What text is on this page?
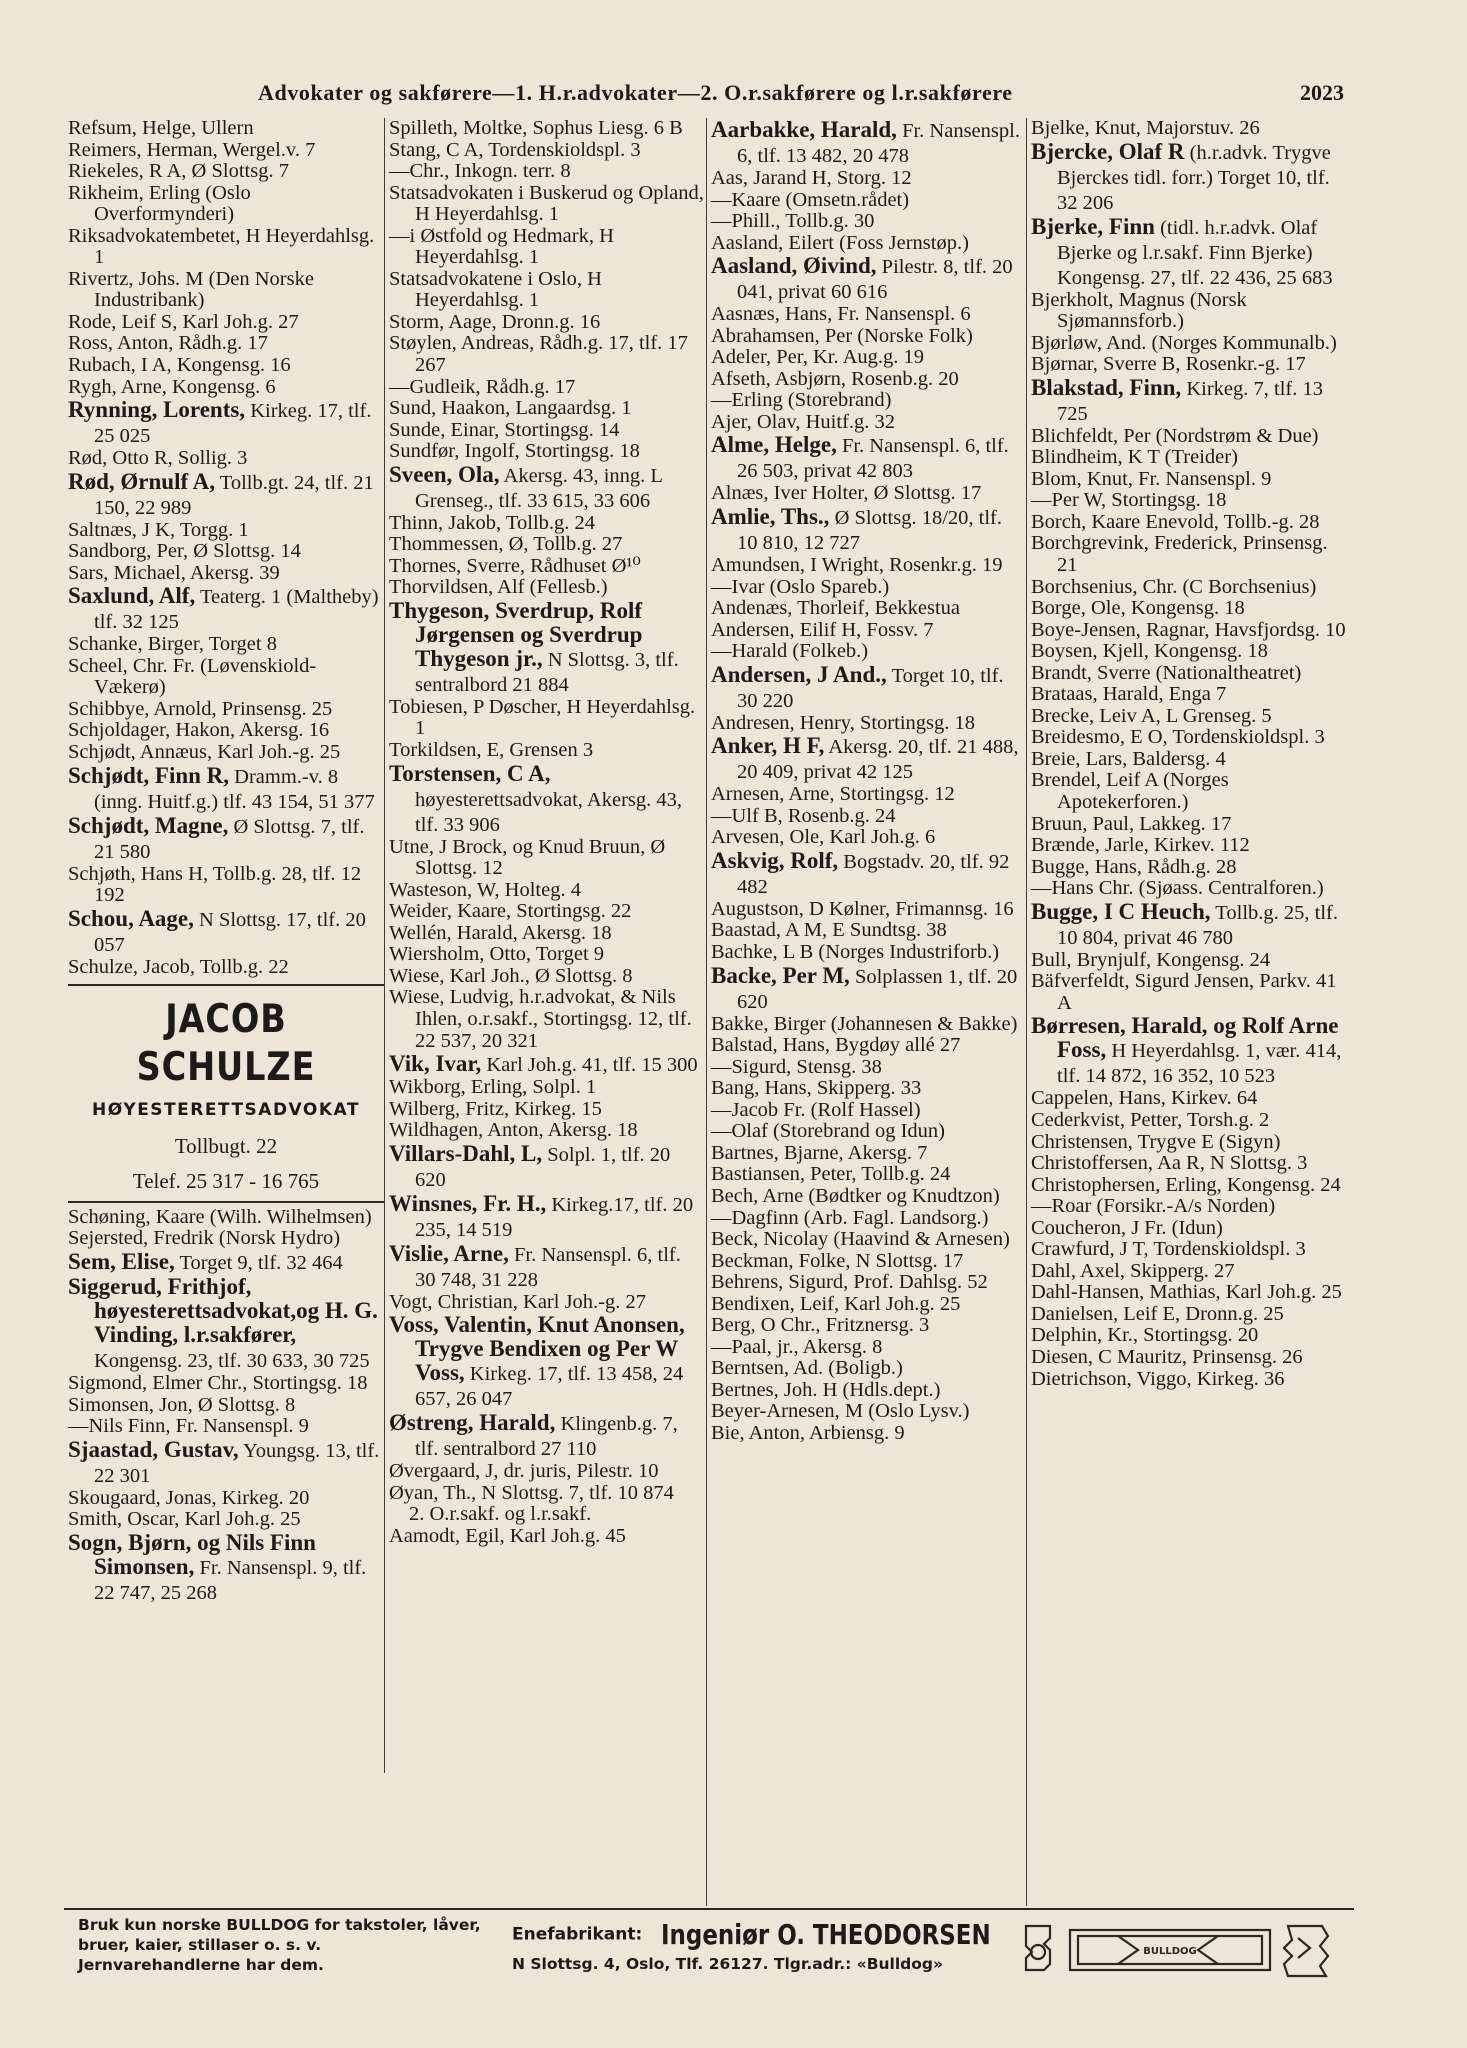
Advokater og sakførere—1. H.r.advokater—2. O.r.sakførere og l.r.sakførere	2023

Refsum, Helge, Ullern

Reimers, Herman, Wergel.v. 7

Riekeles, R A, Ø Slottsg. 7

Rikheim, Erling (Oslo Overformynderi)

Riksadvokatembetet, H Heyerdahlsg. 1

Rivertz, Johs. M (Den Norske Industribank)

Rode, Leif S, Karl Joh.g. 27

Ross, Anton, Rådh.g. 17

Rubach, I A, Kongensg. 16

Rygh, Arne, Kongensg. 6

Rynning, Lorents, Kirkeg. 17, tlf. 25 025

Rød, Otto R, Sollig. 3

Rød, Ørnulf A, Tollb.gt. 24, tlf. 21 150, 22 989

Saltnæs, J K, Torgg. 1

Sandborg, Per, Ø Slottsg. 14

Sars, Michael, Akersg. 39

Saxlund, Alf, Teaterg. 1 (Maltheby) tlf. 32 125

Schanke, Birger, Torget 8

Scheel, Chr. Fr. (Løvenskiold-Vækerø)

Schibbye, Arnold, Prinsensg. 25

Schjoldager, Hakon, Akersg. 16

Schjødt, Annæus, Karl Joh.-g. 25

Schjødt, Finn R, Dramm.-v. 8 (inng. Huitf.g.) tlf. 43 154, 51 377

Schjødt, Magne, Ø Slottsg. 7, tlf. 21 580

Schjøth, Hans H, Tollb.g. 28, tlf. 12 192

Schou, Aage, N Slottsg. 17, tlf. 20 057

Schulze, Jacob, Tollb.g. 22

JACOB SCHULZE
HØYESTERETTSADVOKAT
Tollbugt. 22
Telef. 25 317 - 16 765

Schøning, Kaare (Wilh. Wilhelmsen)

Sejersted, Fredrik (Norsk Hydro)

Sem, Elise, Torget 9, tlf. 32 464

Siggerud, Frithjof, høyesterettsadvokat,og H. G. Vinding, l.r.sakfører, Kongensg. 23, tlf. 30 633, 30 725

Sigmond, Elmer Chr., Stortingsg. 18

Simonsen, Jon, Ø Slottsg. 8

—Nils Finn, Fr. Nansenspl. 9

Sjaastad, Gustav, Youngsg. 13, tlf. 22 301

Skougaard, Jonas, Kirkeg. 20

Smith, Oscar, Karl Joh.g. 25

Sogn, Bjørn, og Nils Finn Simonsen, Fr. Nansenspl. 9, tlf. 22 747, 25 268

Spilleth, Moltke, Sophus Liesg. 6 B

Stang, C A, Tordenskioldspl. 3

—Chr., Inkogn. terr. 8

Statsadvokaten i Buskerud og Opland, H Heyerdahlsg. 1

—i Østfold og Hedmark, H Heyerdahlsg. 1

Statsadvokatene i Oslo, H Heyerdahlsg. 1

Storm, Aage, Dronn.g. 16

Støylen, Andreas, Rådh.g. 17, tlf. 17 267

—Gudleik, Rådh.g. 17

Sund, Haakon, Langaardsg. 1

Sunde, Einar, Stortingsg. 14

Sundfør, Ingolf, Stortingsg. 18

Sveen, Ola, Akersg. 43, inng. L Grenseg., tlf. 33 615, 33 606

Thinn, Jakob, Tollb.g. 24

Thommessen, Ø, Tollb.g. 27

Thornes, Sverre, Rådhuset Ø¹⁰

Thorvildsen, Alf (Fellesb.)

Thygeson, Sverdrup, Rolf Jørgensen og Sverdrup Thygeson jr., N Slottsg. 3, tlf. sentralbord 21 884

Tobiesen, P Døscher, H Heyerdahlsg. 1

Torkildsen, E, Grensen 3

Torstensen, C A, høyesterettsadvokat, Akersg. 43, tlf. 33 906

Utne, J Brock, og Knud Bruun, Ø Slottsg. 12

Wasteson, W, Holteg. 4

Weider, Kaare, Stortingsg. 22

Wellén, Harald, Akersg. 18

Wiersholm, Otto, Torget 9

Wiese, Karl Joh., Ø Slottsg. 8

Wiese, Ludvig, h.r.advokat, & Nils Ihlen, o.r.sakf., Stortingsg. 12, tlf. 22 537, 20 321

Vik, Ivar, Karl Joh.g. 41, tlf. 15 300

Wikborg, Erling, Solpl. 1

Wilberg, Fritz, Kirkeg. 15

Wildhagen, Anton, Akersg. 18

Villars-Dahl, L, Solpl. 1, tlf. 20 620

Winsnes, Fr. H., Kirkeg.17, tlf. 20 235, 14 519

Vislie, Arne, Fr. Nansenspl. 6, tlf. 30 748, 31 228

Vogt, Christian, Karl Joh.-g. 27

Voss, Valentin, Knut Anonsen, Trygve Bendixen og Per W Voss, Kirkeg. 17, tlf. 13 458, 24 657, 26 047

Østreng, Harald, Klingenb.g. 7, tlf. sentralbord 27 110

Øvergaard, J, dr. juris, Pilestr. 10

Øyan, Th., N Slottsg. 7, tlf. 10 874

2. O.r.sakf. og l.r.sakf.

Aamodt, Egil, Karl Joh.g. 45

Aarbakke, Harald, Fr. Nansenspl. 6, tlf. 13 482, 20 478

Aas, Jarand H, Storg. 12

—Kaare (Omsetn.rådet)

—Phill., Tollb.g. 30

Aasland, Eilert (Foss Jernstøp.)

Aasland, Øivind, Pilestr. 8, tlf. 20 041, privat 60 616

Aasnæs, Hans, Fr. Nansenspl. 6

Abrahamsen, Per (Norske Folk)

Adeler, Per, Kr. Aug.g. 19

Afseth, Asbjørn, Rosenb.g. 20

—Erling (Storebrand)

Ajer, Olav, Huitf.g. 32

Alme, Helge, Fr. Nansenspl. 6, tlf. 26 503, privat 42 803

Alnæs, Iver Holter, Ø Slottsg. 17

Amlie, Ths., Ø Slottsg. 18/20, tlf. 10 810, 12 727

Amundsen, I Wright, Rosenkr.g. 19

—Ivar (Oslo Spareb.)

Andenæs, Thorleif, Bekkestua

Andersen, Eilif H, Fossv. 7

—Harald (Folkeb.)

Andersen, J And., Torget 10, tlf. 30 220

Andresen, Henry, Stortingsg. 18

Anker, H F, Akersg. 20, tlf. 21 488, 20 409, privat 42 125

Arnesen, Arne, Stortingsg. 12

—Ulf B, Rosenb.g. 24

Arvesen, Ole, Karl Joh.g. 6

Askvig, Rolf, Bogstadv. 20, tlf. 92 482

Augustson, D Kølner, Frimannsg. 16

Baastad, A M, E Sundtsg. 38

Bachke, L B (Norges Industriforb.)

Backe, Per M, Solplassen 1, tlf. 20 620

Bakke, Birger (Johannesen & Bakke)

Balstad, Hans, Bygdøy allé 27

—Sigurd, Stensg. 38

Bang, Hans, Skipperg. 33

—Jacob Fr. (Rolf Hassel)

—Olaf (Storebrand og Idun)

Bartnes, Bjarne, Akersg. 7

Bastiansen, Peter, Tollb.g. 24

Bech, Arne (Bødtker og Knudtzon)

—Dagfinn (Arb. Fagl. Landsorg.)

Beck, Nicolay (Haavind & Arnesen)

Beckman, Folke, N Slottsg. 17

Behrens, Sigurd, Prof. Dahlsg. 52

Bendixen, Leif, Karl Joh.g. 25

Berg, O Chr., Fritznersg. 3

—Paal, jr., Akersg. 8

Berntsen, Ad. (Boligb.)

Bertnes, Joh. H (Hdls.dept.)

Beyer-Arnesen, M (Oslo Lysv.)

Bie, Anton, Arbiensg. 9

Bjelke, Knut, Majorstuv. 26

Bjercke, Olaf R (h.r.advk. Trygve Bjerckes tidl. forr.) Torget 10, tlf. 32 206

Bjerke, Finn (tidl. h.r.advk. Olaf Bjerke og l.r.sakf. Finn Bjerke) Kongensg. 27, tlf. 22 436, 25 683

Bjerkholt, Magnus (Norsk Sjømannsforb.)

Bjørløw, And. (Norges Kommunalb.)

Bjørnar, Sverre B, Rosenkr.-g. 17

Blakstad, Finn, Kirkeg. 7, tlf. 13 725

Blichfeldt, Per (Nordstrøm & Due)

Blindheim, K T (Treider)

Blom, Knut, Fr. Nansenspl. 9

—Per W, Stortingsg. 18

Borch, Kaare Enevold, Tollb.-g. 28

Borchgrevink, Frederick, Prinsensg. 21

Borchsenius, Chr. (C Borchsenius)

Borge, Ole, Kongensg. 18

Boye-Jensen, Ragnar, Havsfjordsg. 10

Boysen, Kjell, Kongensg. 18

Brandt, Sverre (Nationaltheatret)

Brataas, Harald, Enga 7

Brecke, Leiv A, L Grenseg. 5

Breidesmo, E O, Tordenskioldspl. 3

Breie, Lars, Baldersg. 4

Brendel, Leif A (Norges Apotekerforen.)

Bruun, Paul, Lakkeg. 17

Brænde, Jarle, Kirkev. 112

Bugge, Hans, Rådh.g. 28

—Hans Chr. (Sjøass. Centralforen.)

Bugge, I C Heuch, Tollb.g. 25, tlf. 10 804, privat 46 780

Bull, Brynjulf, Kongensg. 24

Bäfverfeldt, Sigurd Jensen, Parkv. 41 A

Børresen, Harald, og Rolf Arne Foss, H Heyerdahlsg. 1, vær. 414, tlf. 14 872, 16 352, 10 523

Cappelen, Hans, Kirkev. 64

Cederkvist, Petter, Torsh.g. 2

Christensen, Trygve E (Sigyn)

Christoffersen, Aa R, N Slottsg. 3

Christophersen, Erling, Kongensg. 24

—Roar (Forsikr.-A/s Norden)

Coucheron, J Fr. (Idun)

Crawfurd, J T, Tordenskioldspl. 3

Dahl, Axel, Skipperg. 27

Dahl-Hansen, Mathias, Karl Joh.g. 25

Danielsen, Leif E, Dronn.g. 25

Delphin, Kr., Stortingsg. 20

Diesen, C Mauritz, Prinsensg. 26

Dietrichson, Viggo, Kirkeg. 36

Bruk kun norske BULLDOG for takstoler, låver, bruer, kaier, stillaser o. s. v. Jernvarehandlerne har dem.
Enefabrikant: Ingeniør O. THEODORSEN
N Slottsg. 4, Oslo, Tlf. 26127. Tlgr.adr.: «Bulldog»
BULLDOG
